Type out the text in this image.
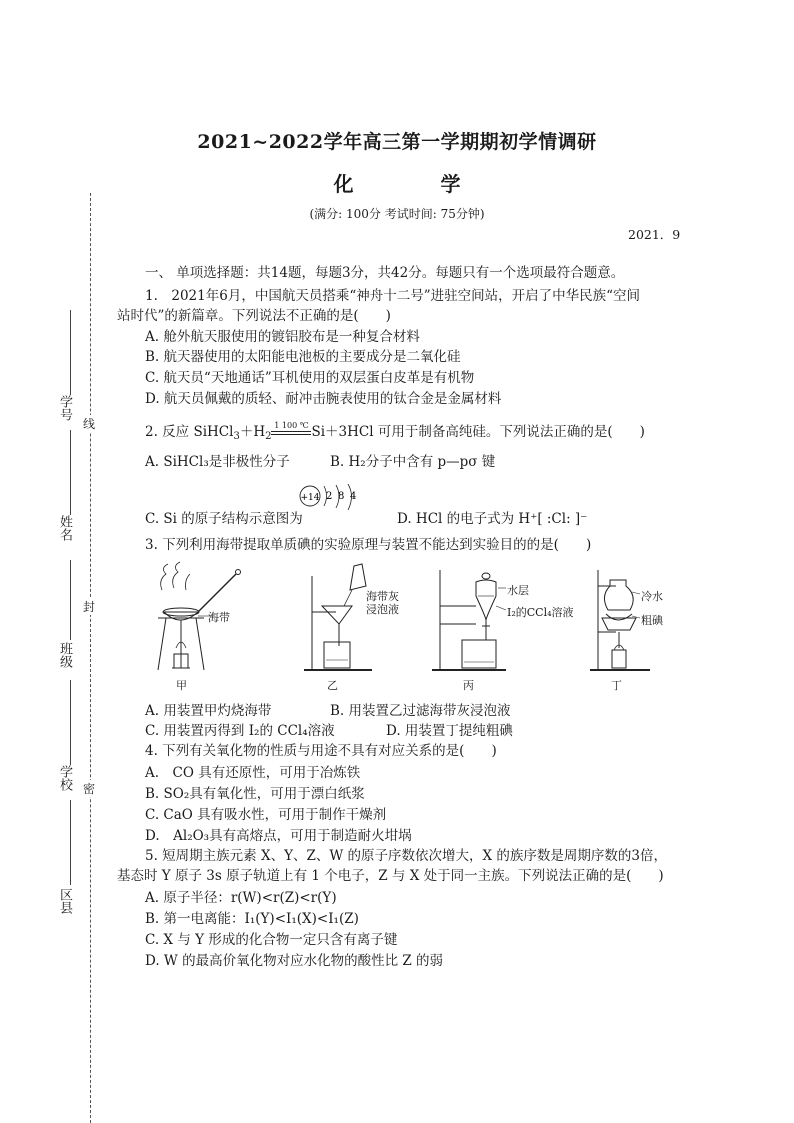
2021~2022学年高三第一学期期初学情调研
化 学
(满分: 100分 考试时间: 75分钟)
2021．9
学号
姓名
班级
学校
区县
线
封
密
一、 单项选择题：共14题，每题3分，共42分。每题只有一个选项最符合题意。
1.　2021年6月，中国航天员搭乘“神舟十二号”进驻空间站，开启了中华民族“空间
站时代”的新篇章。下列说法不正确的是(　　)
A. 舱外航天服使用的镀铝胶布是一种复合材料
B. 航天器使用的太阳能电池板的主要成分是二氧化硅
C. 航天员“天地通话”耳机使用的双层蛋白皮革是有机物
D. 航天员佩戴的质轻、耐冲击腕表使用的钛合金是金属材料
2. 反应 $SiHCl_3+H_2$
1 100 ℃ Si＋3HCl 可用于制备高纯硅。下列说法正确的是(　　)
A. SiHCl₃是非极性分子	B. H₂分子中含有 p—pσ 键
+14 2 8 4
C. Si 的原子结构示意图为	D. HCl 的电子式为 H⁺[ :Cl: ]⁻
3. 下列利用海带提取单质碘的实验原理与装置不能达到实验目的的是(　　)
海带
海带灰
浸泡液
水层
I₂的CCl₄溶液
冷水
粗碘
甲	乙	丙	丁
A. 用装置甲灼烧海带	B. 用装置乙过滤海带灰浸泡液
C. 用装置丙得到 I₂的 CCl₄溶液	D. 用装置丁提纯粗碘
4. 下列有关氧化物的性质与用途不具有对应关系的是(　　)
A.　CO 具有还原性，可用于冶炼铁
B. SO₂具有氧化性，可用于漂白纸浆
C. CaO 具有吸水性，可用于制作干燥剂
D.　Al₂O₃具有高熔点，可用于制造耐火坩埚
5. 短周期主族元素 X、Y、Z、W 的原子序数依次增大，X 的族序数是周期序数的3倍，
基态时 Y 原子 3s 原子轨道上有 1 个电子，Z 与 X 处于同一主族。下列说法正确的是(　　)
A. 原子半径：r(W)<r(Z)<r(Y)
B. 第一电离能：I₁(Y)<I₁(X)<I₁(Z)
C. X 与 Y 形成的化合物一定只含有离子键
D. W 的最高价氧化物对应水化物的酸性比 Z 的弱
